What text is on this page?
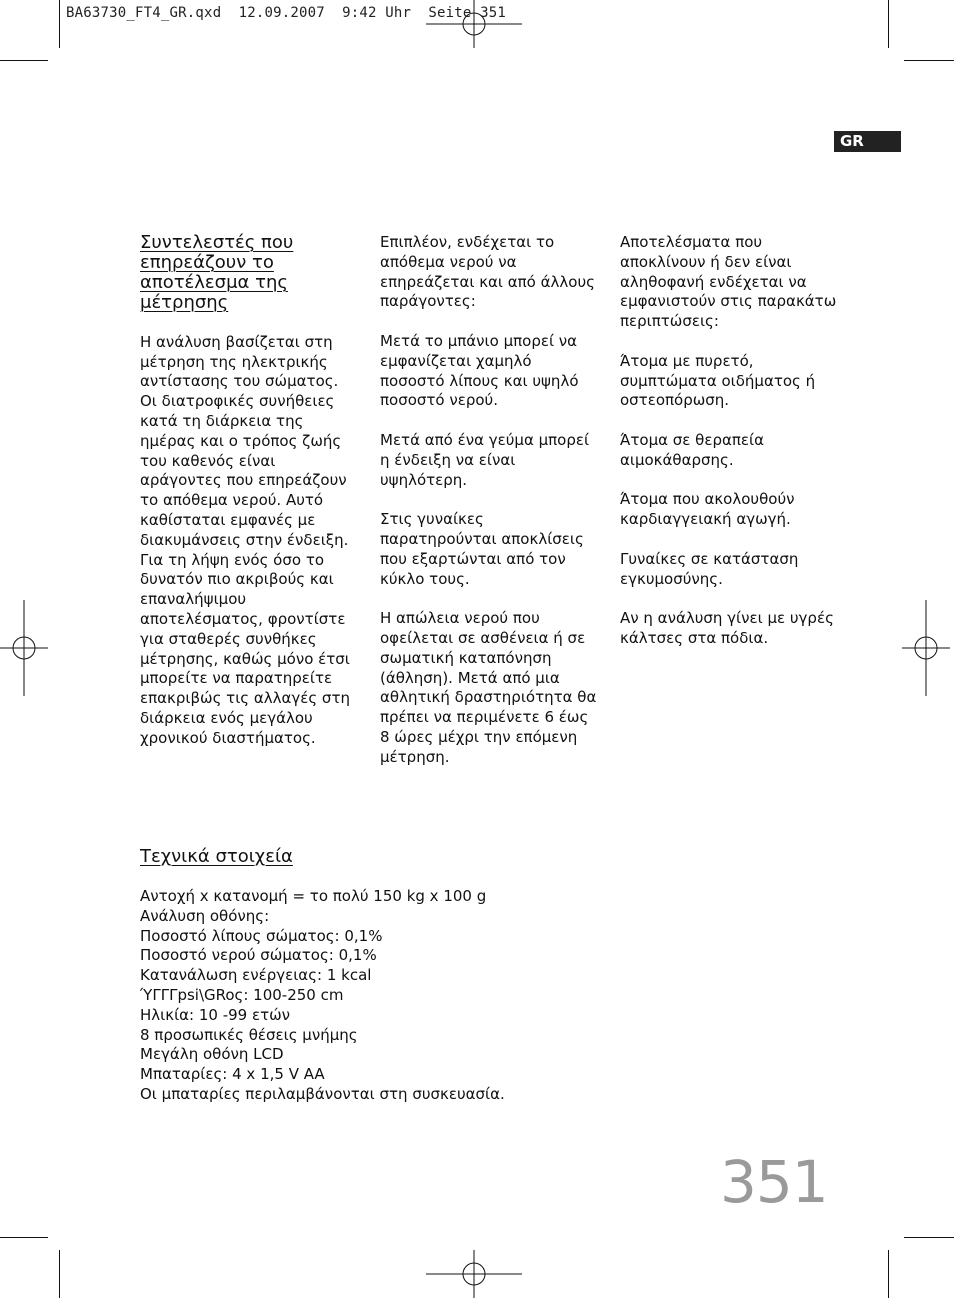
BA63730_FT4_GR.qxd  12.09.2007  9:42 Uhr  Seite 351
GR
Συντελεστές που επηρεάζουν το αποτέλεσμα της μέτρησης

Η ανάλυση βασίζεται στη μέτρηση της ηλεκτρικής αντίστασης του σώματος. Οι διατροφικές συνήθειες κατά τη διάρκεια της ημέρας και ο τρόπος ζωής του καθενός είναι αράγοντες που επηρεάζουν το απόθεμα νερού. Αυτό καθίσταται εμφανές με διακυμάνσεις στην ένδειξη. Για τη λήψη ενός όσο το δυνατόν πιο ακριβούς και επαναλήψιμου αποτελέσματος, φροντίστε για σταθερές συνθήκες μέτρησης, καθώς μόνο έτσι μπορείτε να παρατηρείτε επακριβώς τις αλλαγές στη διάρκεια ενός μεγάλου χρονικού διαστήματος.

Επιπλέον, ενδέχεται το απόθεμα νερού να επηρεάζεται και από άλλους παράγοντες:

Μετά το μπάνιο μπορεί να εμφανίζεται χαμηλό ποσοστό λίπους και υψηλό ποσοστό νερού.

Μετά από ένα γεύμα μπορεί η ένδειξη να είναι υψηλότερη.

Στις γυναίκες παρατηρούνται αποκλίσεις που εξαρτώνται από τον κύκλο τους.

Η απώλεια νερού που οφείλεται σε ασθένεια ή σε σωματική καταπόνηση (άθληση). Μετά από μια αθλητική δραστηριότητα θα πρέπει να περιμένετε 6 έως 8 ώρες μέχρι την επόμενη μέτρηση.

Αποτελέσματα που αποκλίνουν ή δεν είναι αληθοφανή ενδέχεται να εμφανιστούν στις παρακάτω περιπτώσεις:

Άτομα με πυρετό, συμπτώματα οιδήματος ή οστεοπόρωση.

Άτομα σε θεραπεία αιμοκάθαρσης.

Άτομα που ακολουθούν καρδιαγγειακή αγωγή.

Γυναίκες σε κατάσταση εγκυμοσύνης.

Αν η ανάλυση γίνει με υγρές κάλτσες στα πόδια.

Τεχνικά στοιχεία
Αντοχή x κατανομή = το πολύ 150 kg x 100 g
Ανάλυση οθόνης:
Ποσοστό λίπους σώματος: 0,1%
Ποσοστό νερού σώματος: 0,1%
Κατανάλωση ενέργειας: 1 kcal
ΎΓΓΓpsi\GRoς: 100-250 cm
Ηλικία: 10 -99 ετών
8 προσωπικές θέσεις μνήμης
Μεγάλη οθόνη LCD
Μπαταρίες: 4 x 1,5 V AA
Οι μπαταρίες περιλαμβάνονται στη συσκευασία.
351
